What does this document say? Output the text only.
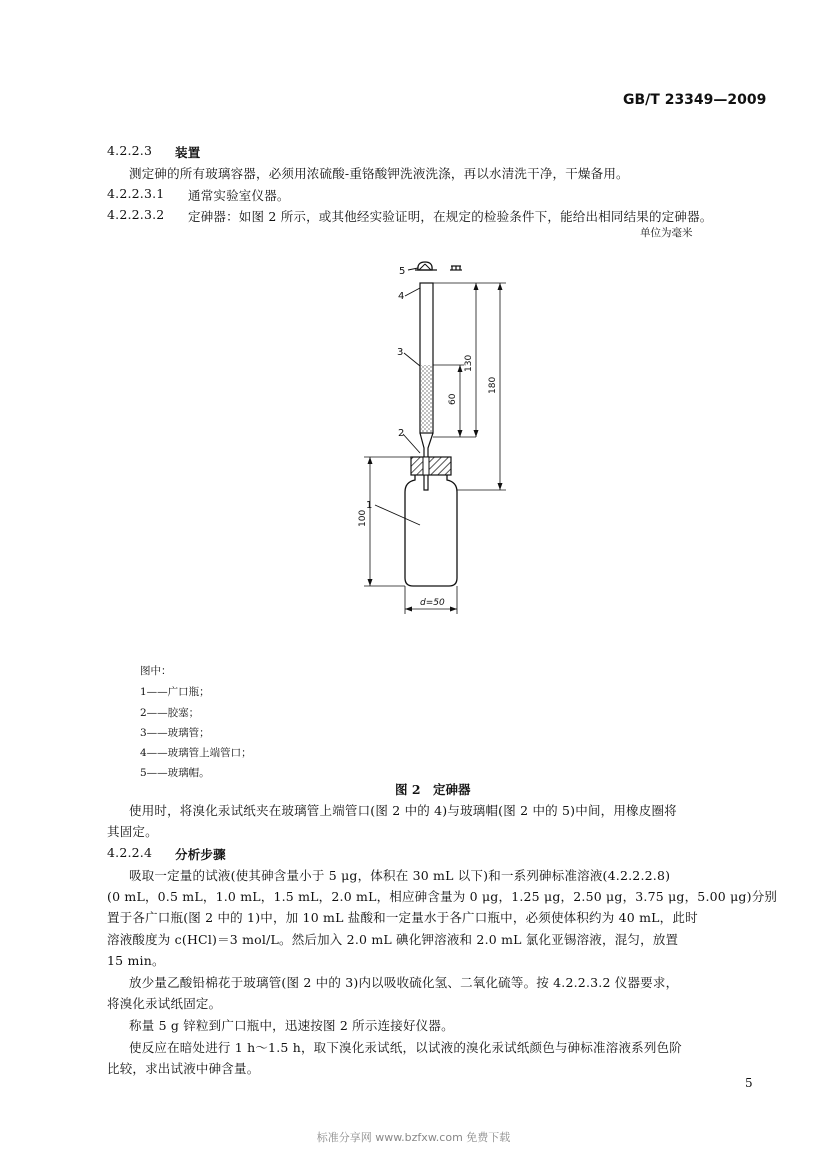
GB/T 23349—2009
4.2.2.3 装置
测定砷的所有玻璃容器，必须用浓硫酸-重铬酸钾洗液洗涤，再以水清洗干净，干燥备用。
4.2.2.3.1 通常实验室仪器。
4.2.2.3.2 定砷器：如图 2 所示，或其他经实验证明，在规定的检验条件下，能给出相同结果的定砷器。
单位为毫米
5
4
3
2
1
130
180
60
100
d=50
图中：
1——广口瓶；
2——胶塞；
3——玻璃管；
4——玻璃管上端管口；
5——玻璃帽。
图 2　定砷器
使用时，将溴化汞试纸夹在玻璃管上端管口(图 2 中的 4)与玻璃帽(图 2 中的 5)中间，用橡皮圈将
其固定。
4.2.2.4 分析步骤
吸取一定量的试液(使其砷含量小于 5 μg，体积在 30 mL 以下)和一系列砷标准溶液(4.2.2.2.8)
(0 mL，0.5 mL，1.0 mL，1.5 mL，2.0 mL，相应砷含量为 0 μg，1.25 μg，2.50 μg，3.75 μg，5.00 μg)分别
置于各广口瓶(图 2 中的 1)中，加 10 mL 盐酸和一定量水于各广口瓶中，必须使体积约为 40 mL，此时
溶液酸度为 c(HCl)＝3 mol/L。然后加入 2.0 mL 碘化钾溶液和 2.0 mL 氯化亚锡溶液，混匀，放置
15 min。
放少量乙酸铅棉花于玻璃管(图 2 中的 3)内以吸收硫化氢、二氧化硫等。按 4.2.2.3.2 仪器要求，
将溴化汞试纸固定。
称量 5 g 锌粒到广口瓶中，迅速按图 2 所示连接好仪器。
使反应在暗处进行 1 h～1.5 h，取下溴化汞试纸，以试液的溴化汞试纸颜色与砷标准溶液系列色阶
比较，求出试液中砷含量。
5
标准分享网 www.bzfxw.com 免费下载
